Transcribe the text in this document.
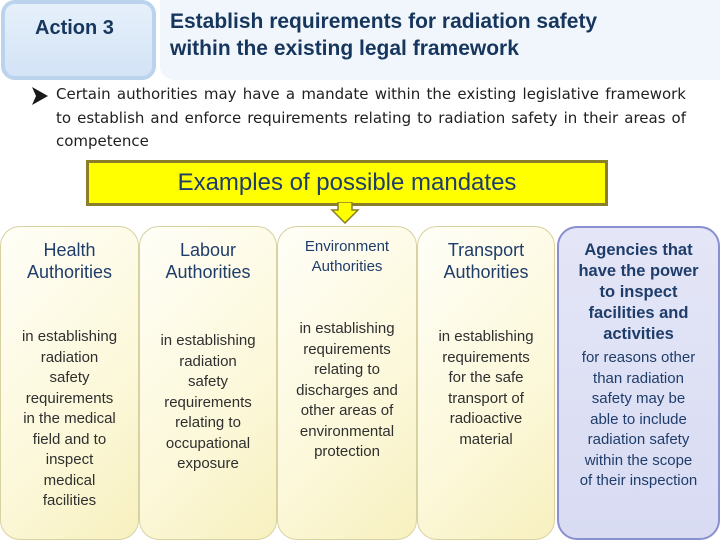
Action 3	Establish requirements for radiation safety
within the existing legal framework
Certain authorities may have a mandate within the existing legislative framework to establish and enforce requirements relating to radiation safety in their areas of competence
Examples of possible mandates
Health
Authorities
in establishing
radiation
safety
requirements
in the medical
field and to
inspect
medical
facilities
Labour
Authorities
in establishing
radiation
safety
requirements
relating to
occupational
exposure
Environment
Authorities
in establishing
requirements
relating to
discharges and
other areas of
environmental
protection
Transport
Authorities
in establishing
requirements
for the safe
transport of
radioactive
material
Agencies that
have the power
to inspect
facilities and
activities
for reasons other
than radiation
safety may be
able to include
radiation safety
within the scope
of their inspection
